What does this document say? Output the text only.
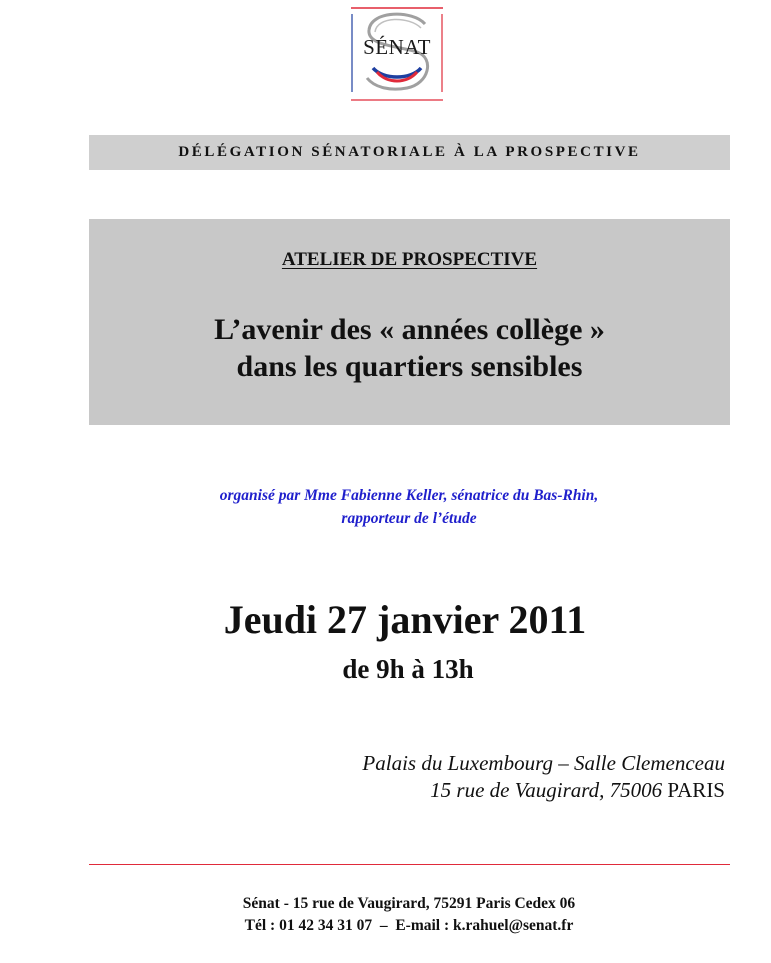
SÉNAT
DÉLÉGATION SÉNATORIALE À LA PROSPECTIVE
ATELIER DE PROSPECTIVE
L’avenir des « années collège »
dans les quartiers sensibles
organisé par Mme Fabienne Keller, sénatrice du Bas-Rhin,
rapporteur de l’étude
Jeudi 27 janvier 2011
de 9h à 13h
Palais du Luxembourg – Salle Clemenceau
15 rue de Vaugirard, 75006 PARIS
Sénat - 15 rue de Vaugirard, 75291 Paris Cedex 06
Tél : 01 42 34 31 07  –  E-mail : k.rahuel@senat.fr
